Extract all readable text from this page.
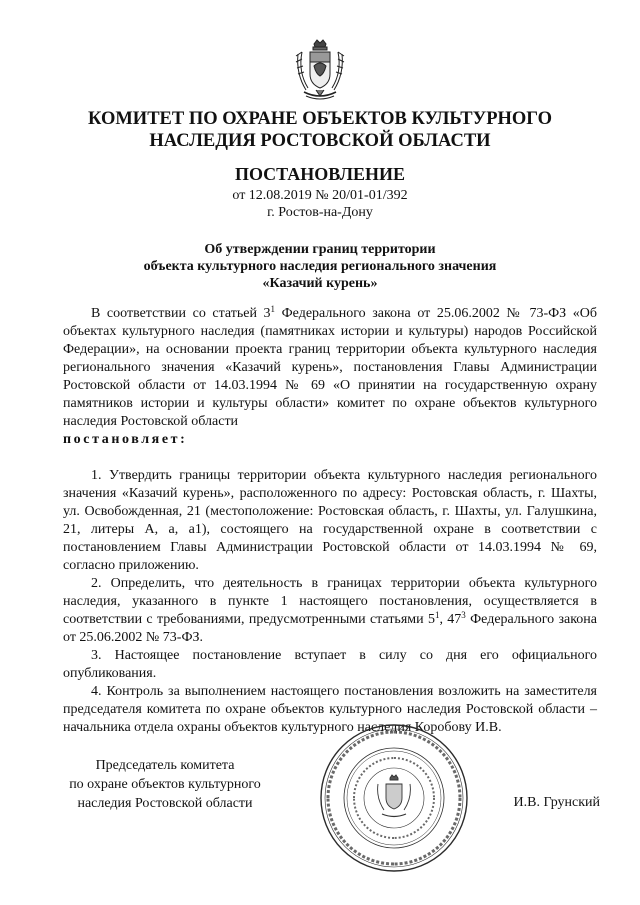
КОМИТЕТ ПО ОХРАНЕ ОБЪЕКТОВ КУЛЬТУРНОГО
НАСЛЕДИЯ РОСТОВСКОЙ ОБЛАСТИ
ПОСТАНОВЛЕНИЕ
от 12.08.2019 № 20/01-01/392
г. Ростов-на-Дону
Об утверждении границ территории
объекта культурного наследия регионального значения
«Казачий курень»

В соответствии со статьей $3^1$ Федерального закона от 25.06.2002 № 73-ФЗ «Об объектах культурного наследия (памятниках истории и культуры) народов Российской Федерации», на основании проекта границ территории объекта культурного наследия регионального значения «Казачий курень», постановления Главы Администрации Ростовской области от 14.03.1994 № 69 «О принятии на государственную охрану памятников истории и культуры области» комитет по охране объектов культурного наследия Ростовской области

постановляет:

1. Утвердить границы территории объекта культурного наследия регионального значения «Казачий курень», расположенного по адресу: Ростовская область, г. Шахты, ул. Освобожденная, 21 (местоположение: Ростовская область, г. Шахты, ул. Галушкина, 21, литеры А, а, а1), состоящего на государственной охране в соответствии с постановлением Главы Администрации Ростовской области от 14.03.1994 № 69, согласно приложению.

2. Определить, что деятельность в границах территории объекта культурного наследия, указанного в пункте 1 настоящего постановления, осуществляется в соответствии с требованиями, предусмотренными статьями $5^1$, $47^3$ Федерального закона от 25.06.2002 № 73-ФЗ.

3. Настоящее постановление вступает в силу со дня его официального опубликования.

4. Контроль за выполнением настоящего постановления возложить на заместителя председателя комитета по охране объектов культурного наследия Ростовской области – начальника отдела охраны объектов культурного наследия Коробову И.В.

Председатель комитета
по охране объектов культурного
наследия Ростовской области	И.В. Грунский
